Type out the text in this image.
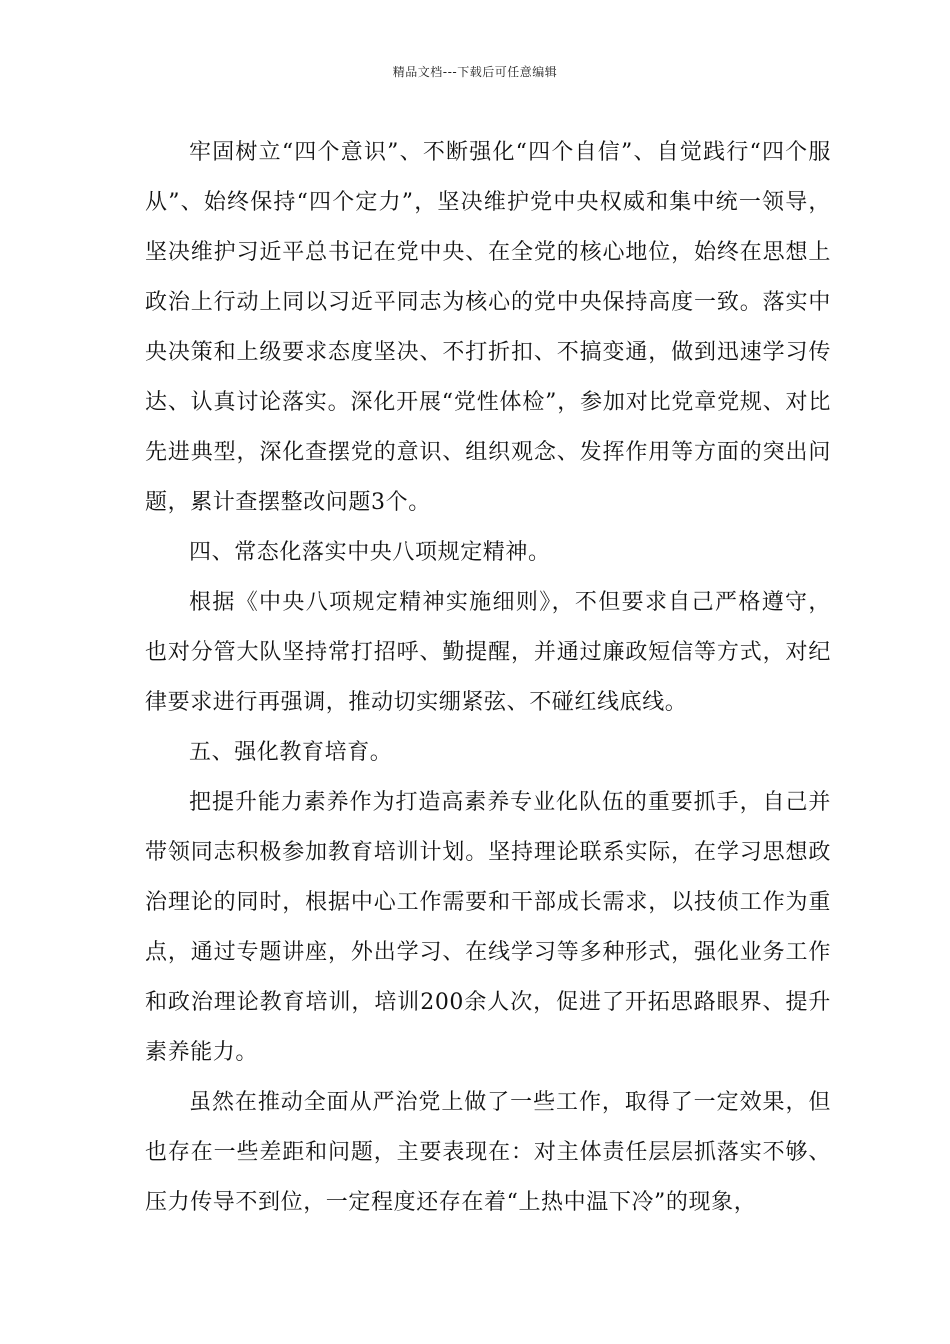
精品文档---下载后可任意编辑

牢固树立“四个意识”、不断强化“四个自信”、自觉践行“四个服从”、始终保持“四个定力”，坚决维护党中央权威和集中统一领导，坚决维护习近平总书记在党中央、在全党的核心地位，始终在思想上政治上行动上同以习近平同志为核心的党中央保持高度一致。落实中央决策和上级要求态度坚决、不打折扣、不搞变通，做到迅速学习传达、认真讨论落实。深化开展“党性体检”，参加对比党章党规、对比先进典型，深化查摆党的意识、组织观念、发挥作用等方面的突出问题，累计查摆整改问题3个。

四、常态化落实中央八项规定精神。

根据《中央八项规定精神实施细则》，不但要求自己严格遵守，也对分管大队坚持常打招呼、勤提醒，并通过廉政短信等方式，对纪律要求进行再强调，推动切实绷紧弦、不碰红线底线。

五、强化教育培育。

把提升能力素养作为打造高素养专业化队伍的重要抓手，自己并带领同志积极参加教育培训计划。坚持理论联系实际，在学习思想政治理论的同时，根据中心工作需要和干部成长需求，以技侦工作为重点，通过专题讲座，外出学习、在线学习等多种形式，强化业务工作和政治理论教育培训，培训200余人次，促进了开拓思路眼界、提升素养能力。

虽然在推动全面从严治党上做了一些工作，取得了一定效果，但也存在一些差距和问题，主要表现在：对主体责任层层抓落实不够、压力传导不到位，一定程度还存在着“上热中温下冷”的现象，
